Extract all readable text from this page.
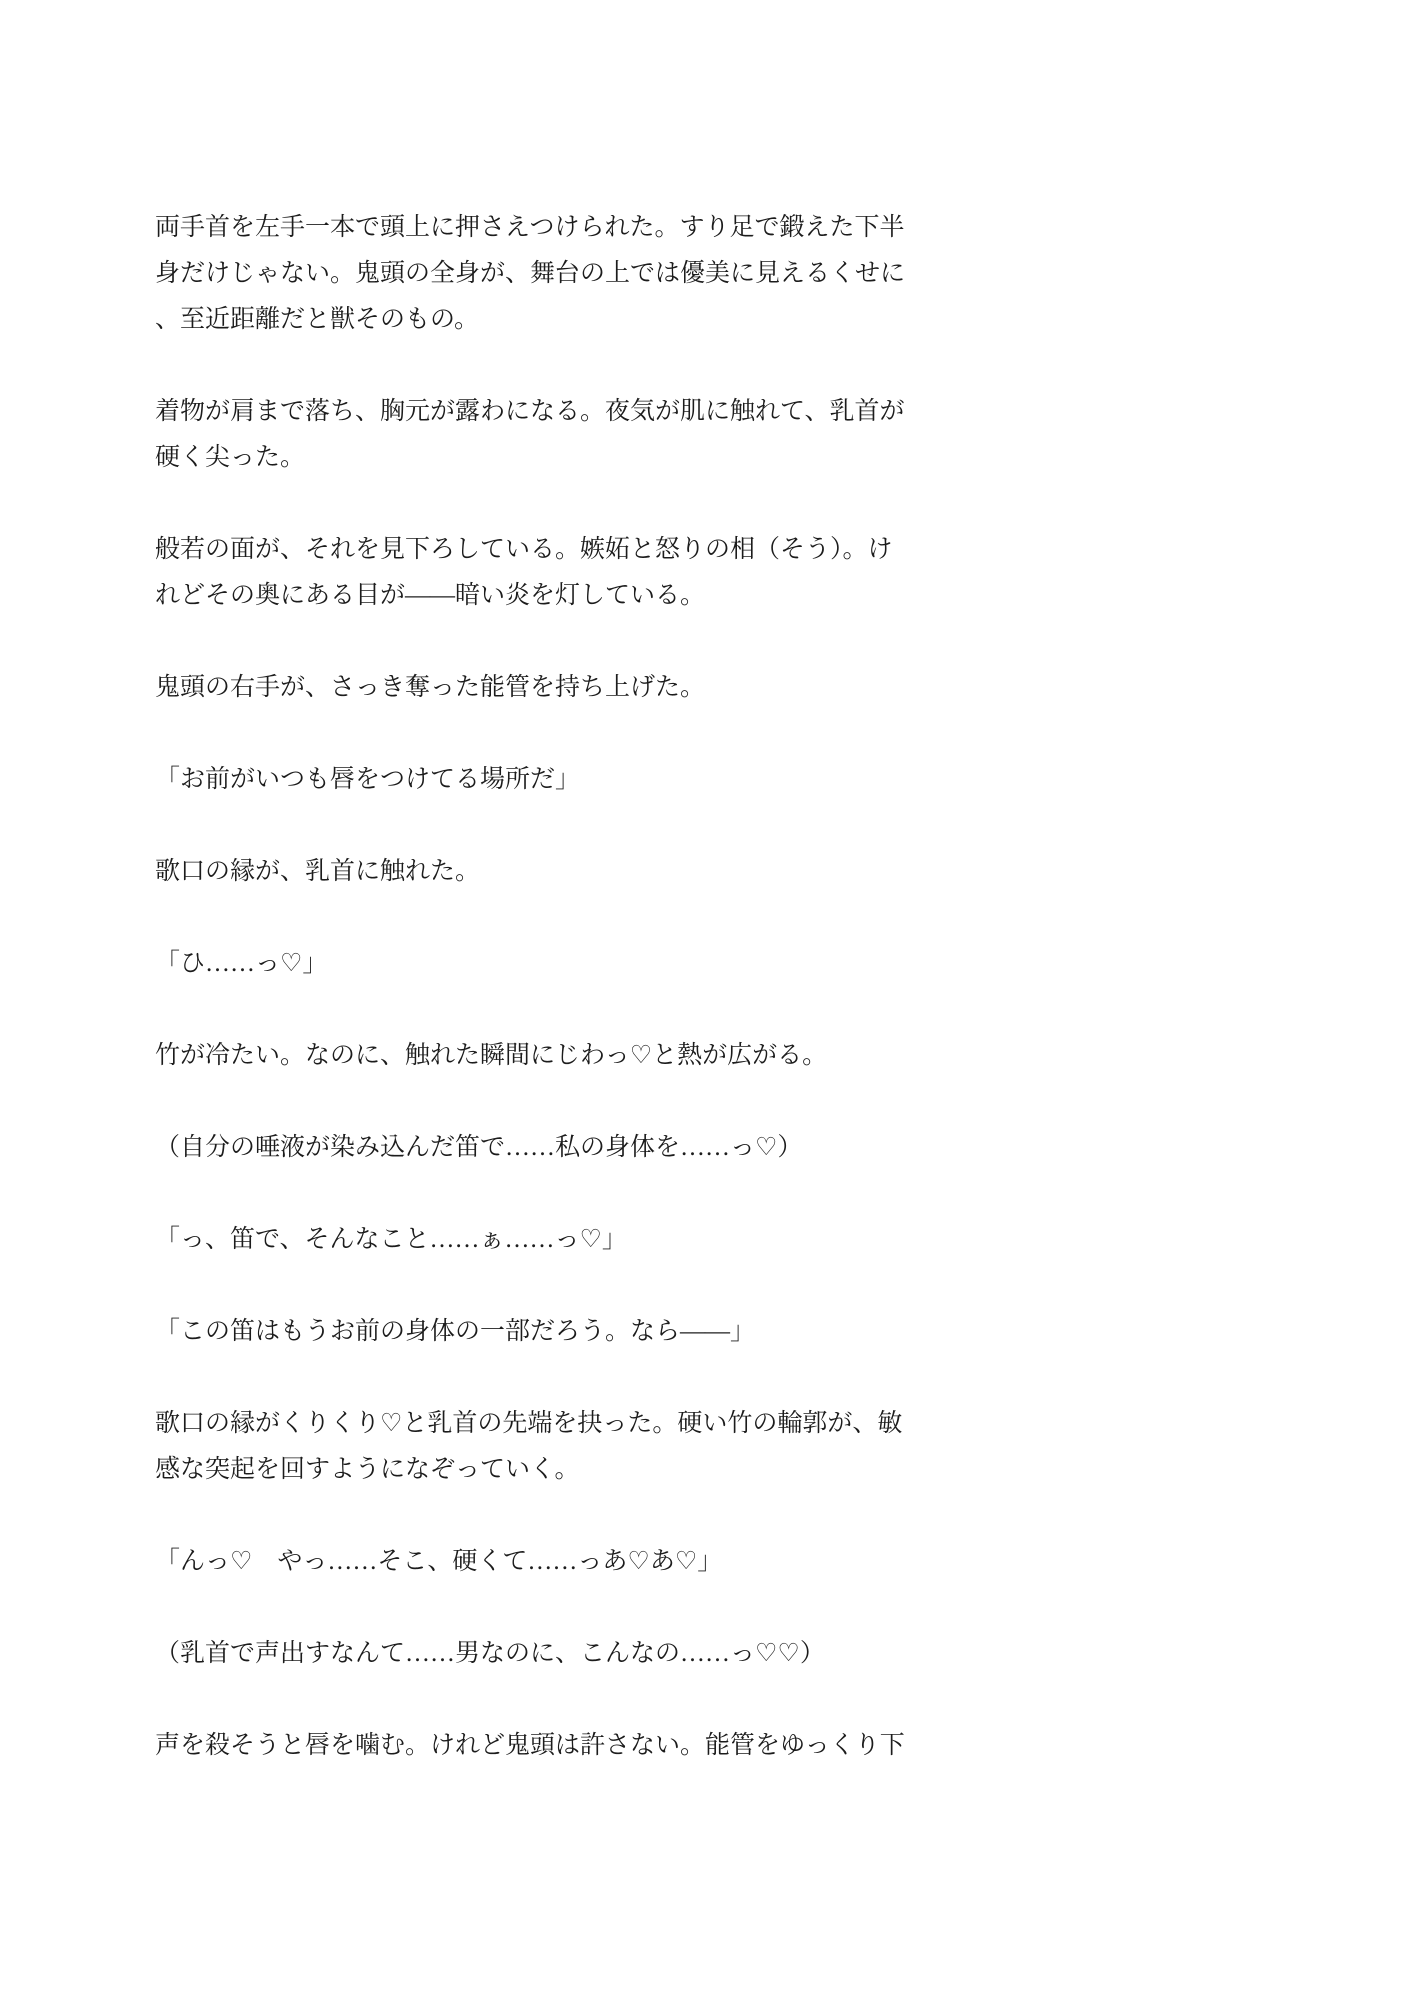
両手首を左手一本で頭上に押さえつけられた。すり足で鍛えた下半
身だけじゃない。鬼頭の全身が、舞台の上では優美に見えるくせに
、至近距離だと獣そのもの。
着物が肩まで落ち、胸元が露わになる。夜気が肌に触れて、乳首が
硬く尖った。
般若の面が、それを見下ろしている。嫉妬と怒りの相（そう）。け
れどその奥にある目が——暗い炎を灯している。
鬼頭の右手が、さっき奪った能管を持ち上げた。
「お前がいつも唇をつけてる場所だ」
歌口の縁が、乳首に触れた。
「ひ……っ♡」
竹が冷たい。なのに、触れた瞬間にじわっ♡と熱が広がる。
（自分の唾液が染み込んだ笛で……私の身体を……っ♡）
「っ、笛で、そんなこと……ぁ……っ♡」
「この笛はもうお前の身体の一部だろう。なら——」
歌口の縁がくりくり♡と乳首の先端を抉った。硬い竹の輪郭が、敏
感な突起を回すようになぞっていく。
「んっ♡　やっ……そこ、硬くて……っあ♡あ♡」
（乳首で声出すなんて……男なのに、こんなの……っ♡♡）
声を殺そうと唇を噛む。けれど鬼頭は許さない。能管をゆっくり下
